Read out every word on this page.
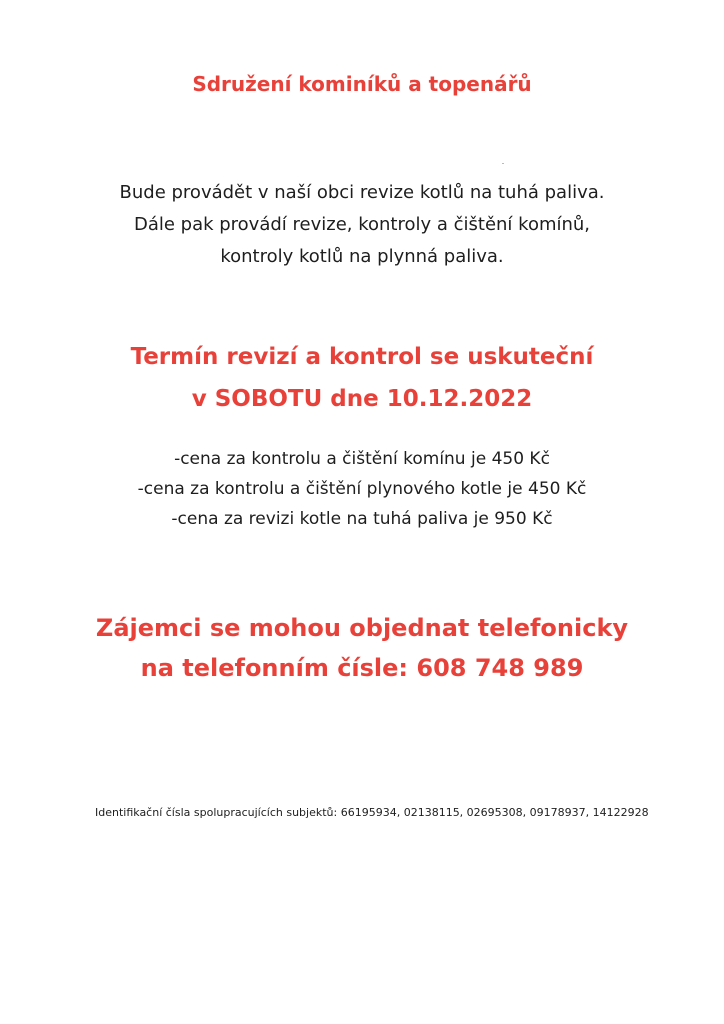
Sdružení kominíků a topenářů
Bude provádět v naší obci revize kotlů na tuhá paliva.
Dále pak provádí revize, kontroly a čištění komínů,
kontroly kotlů na plynná paliva.
Termín revizí a kontrol se uskuteční
v SOBOTU dne 10.12.2022
-cena za kontrolu a čištění komínu je 450 Kč
-cena za kontrolu a čištění plynového kotle je 450 Kč
-cena za revizi kotle na tuhá paliva je 950 Kč
Zájemci se mohou objednat telefonicky
na telefonním čísle: 608 748 989
Identifikační čísla spolupracujících subjektů: 66195934, 02138115, 02695308, 09178937, 14122928
